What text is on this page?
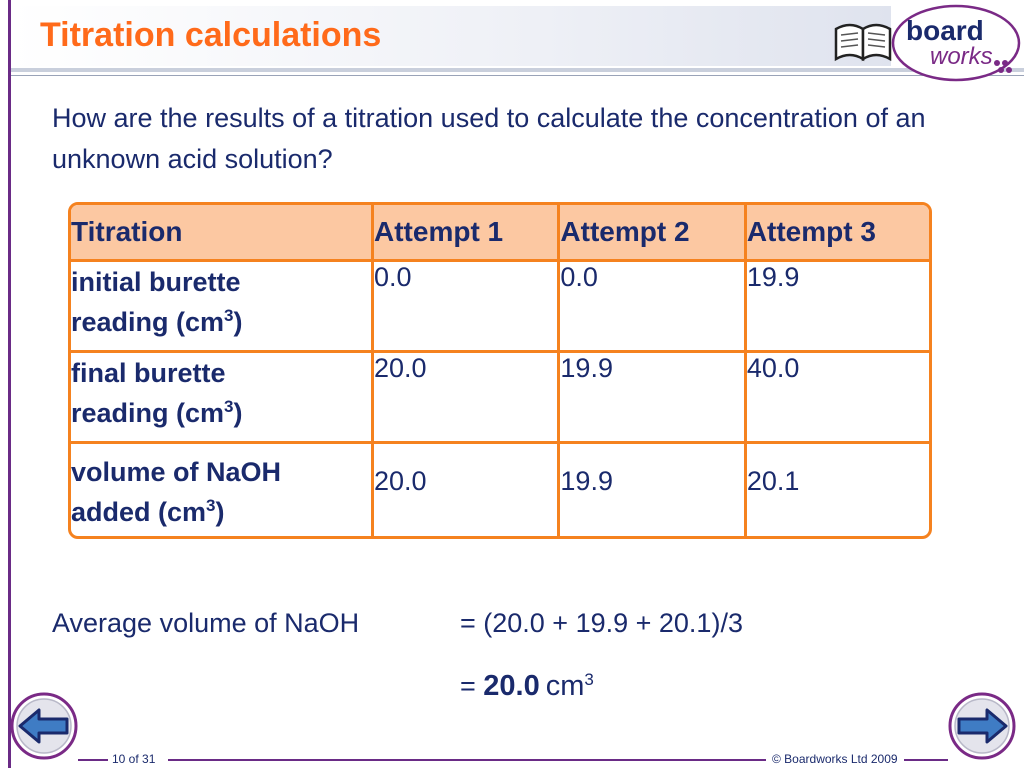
Titration calculations	board
works
How are the results of a titration used to calculate the concentration of an unknown acid solution?
Titration	Attempt 1	Attempt 2	Attempt 3
initial burette
reading $(cm^3)$	0.0	0.0	19.9
final burette
reading $(cm^3)$	20.0	19.9	40.0
volume of NaOH
added $(cm^3)$	20.0	19.9	20.1
Average volume of NaOH	= (20.0 + 19.9 + 20.1)/3
= 20.0 $cm^3$
10 of 31	© Boardworks Ltd 2009
